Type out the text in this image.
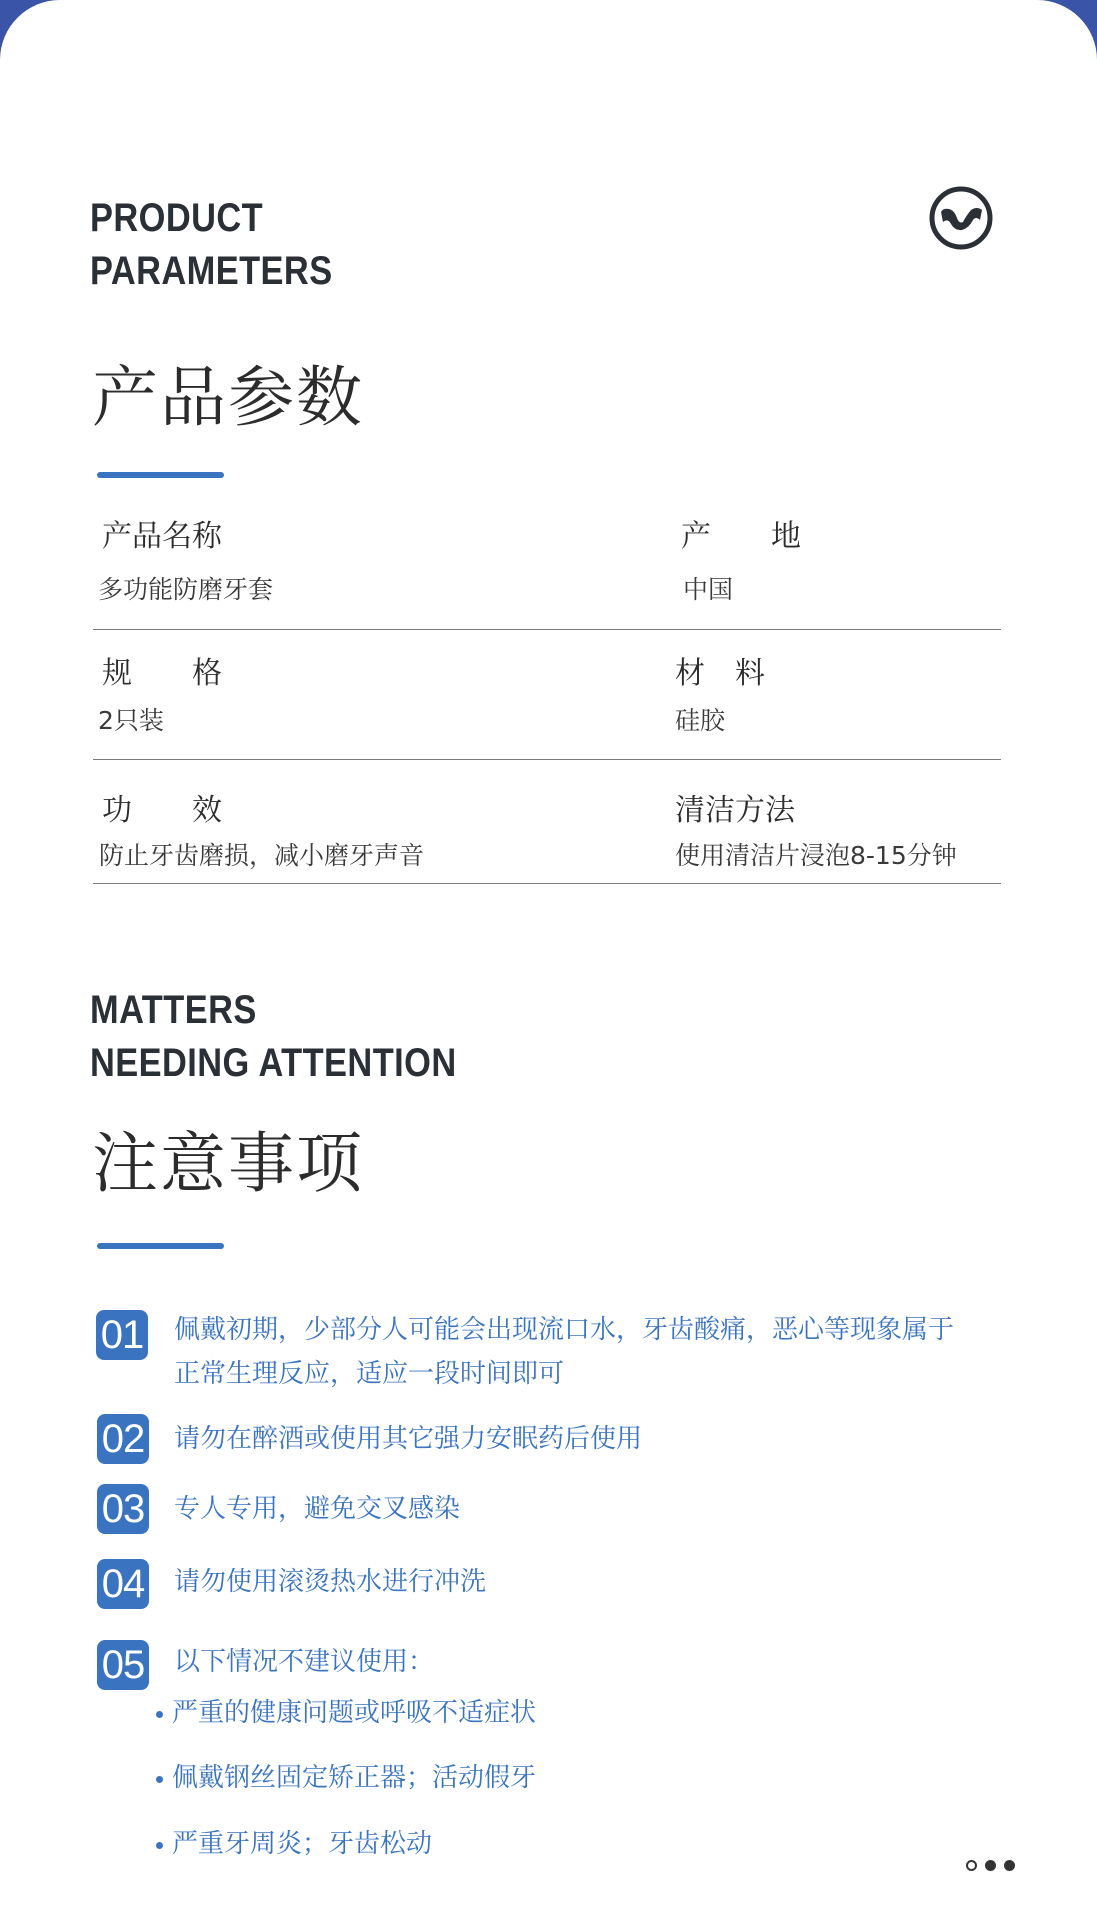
PRODUCT
PARAMETERS
产品参数
产品名称
多功能防磨牙套
产　　地
中国
规　　格
2只装
材　料
硅胶
功　　效
防止牙齿磨损，减小磨牙声音
清洁方法
使用清洁片浸泡8-15分钟
MATTERS
NEEDING ATTENTION
注意事项
01 佩戴初期，少部分人可能会出现流口水，牙齿酸痛，恶心等现象属于
正常生理反应，适应一段时间即可
02 请勿在醉酒或使用其它强力安眠药后使用
03 专人专用，避免交叉感染
04 请勿使用滚烫热水进行冲洗
05 以下情况不建议使用：
严重的健康问题或呼吸不适症状
佩戴钢丝固定矫正器；活动假牙
严重牙周炎；牙齿松动
